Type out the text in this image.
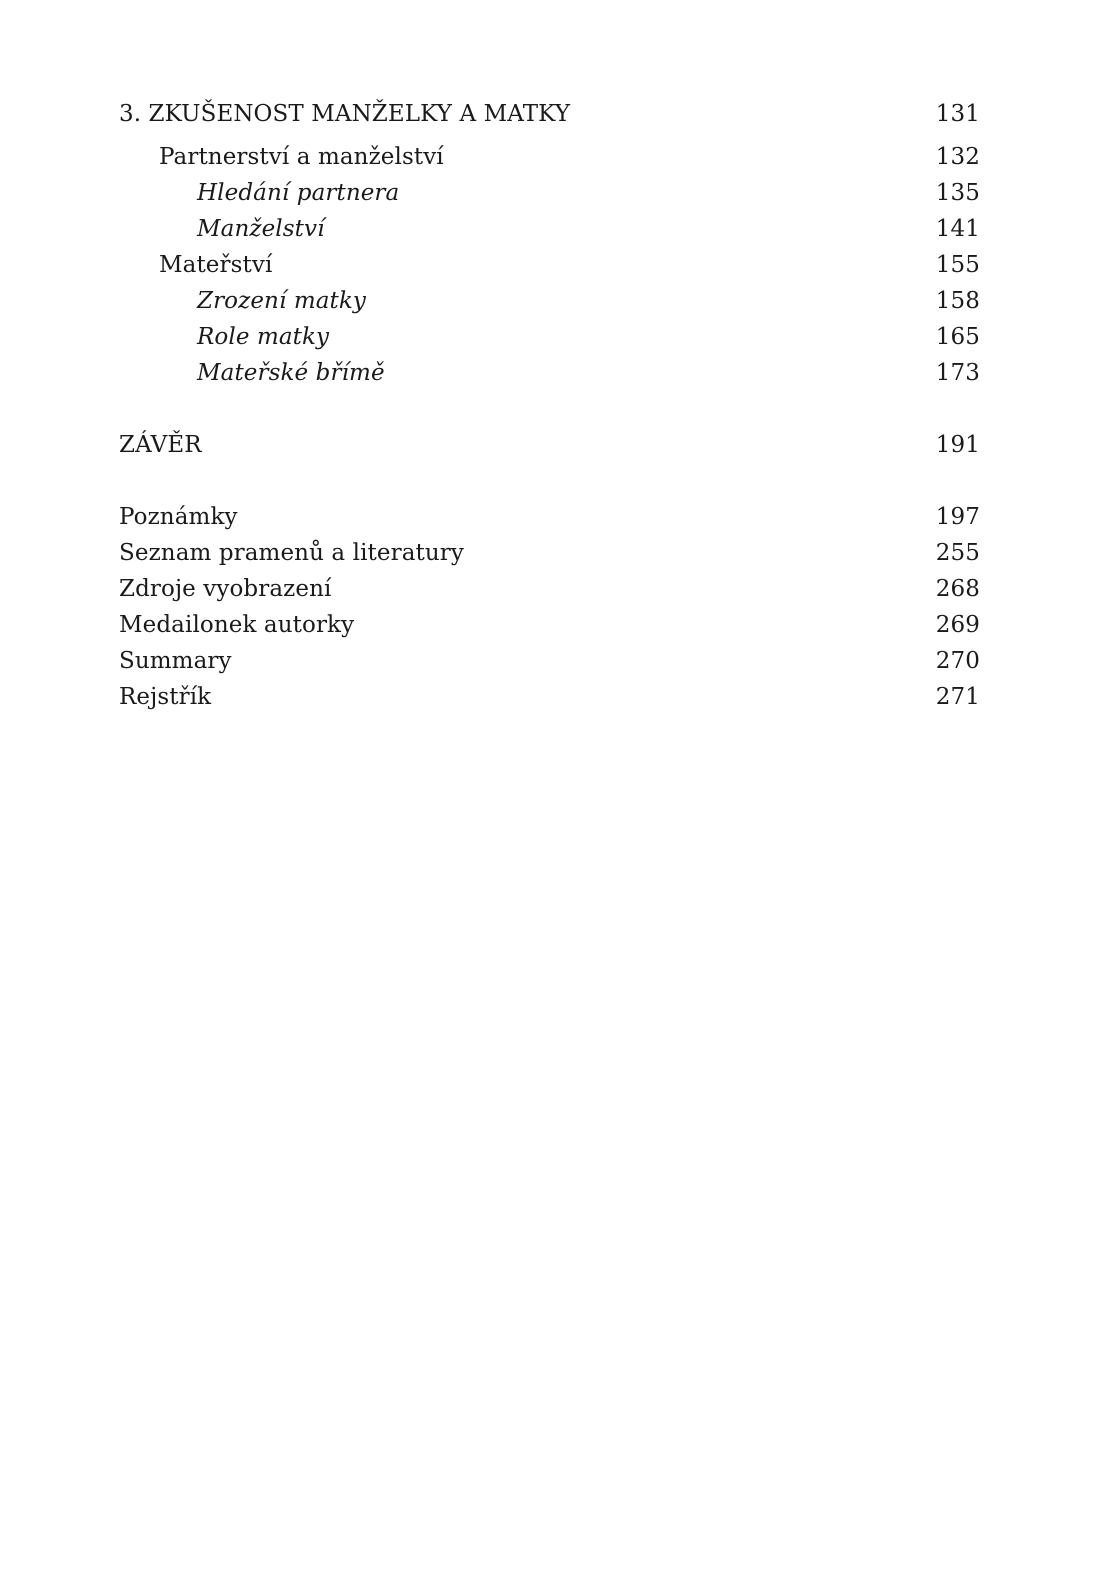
3. ZKUŠENOST MANŽELKY A MATKY	131
Partnerství a manželství	132
Hledání partnera	135
Manželství	141
Mateřství	155
Zrození matky	158
Role matky	165
Mateřské břímě	173
ZÁVĚR	191
Poznámky	197
Seznam pramenů a literatury	255
Zdroje vyobrazení	268
Medailonek autorky	269
Summary	270
Rejstřík	271
